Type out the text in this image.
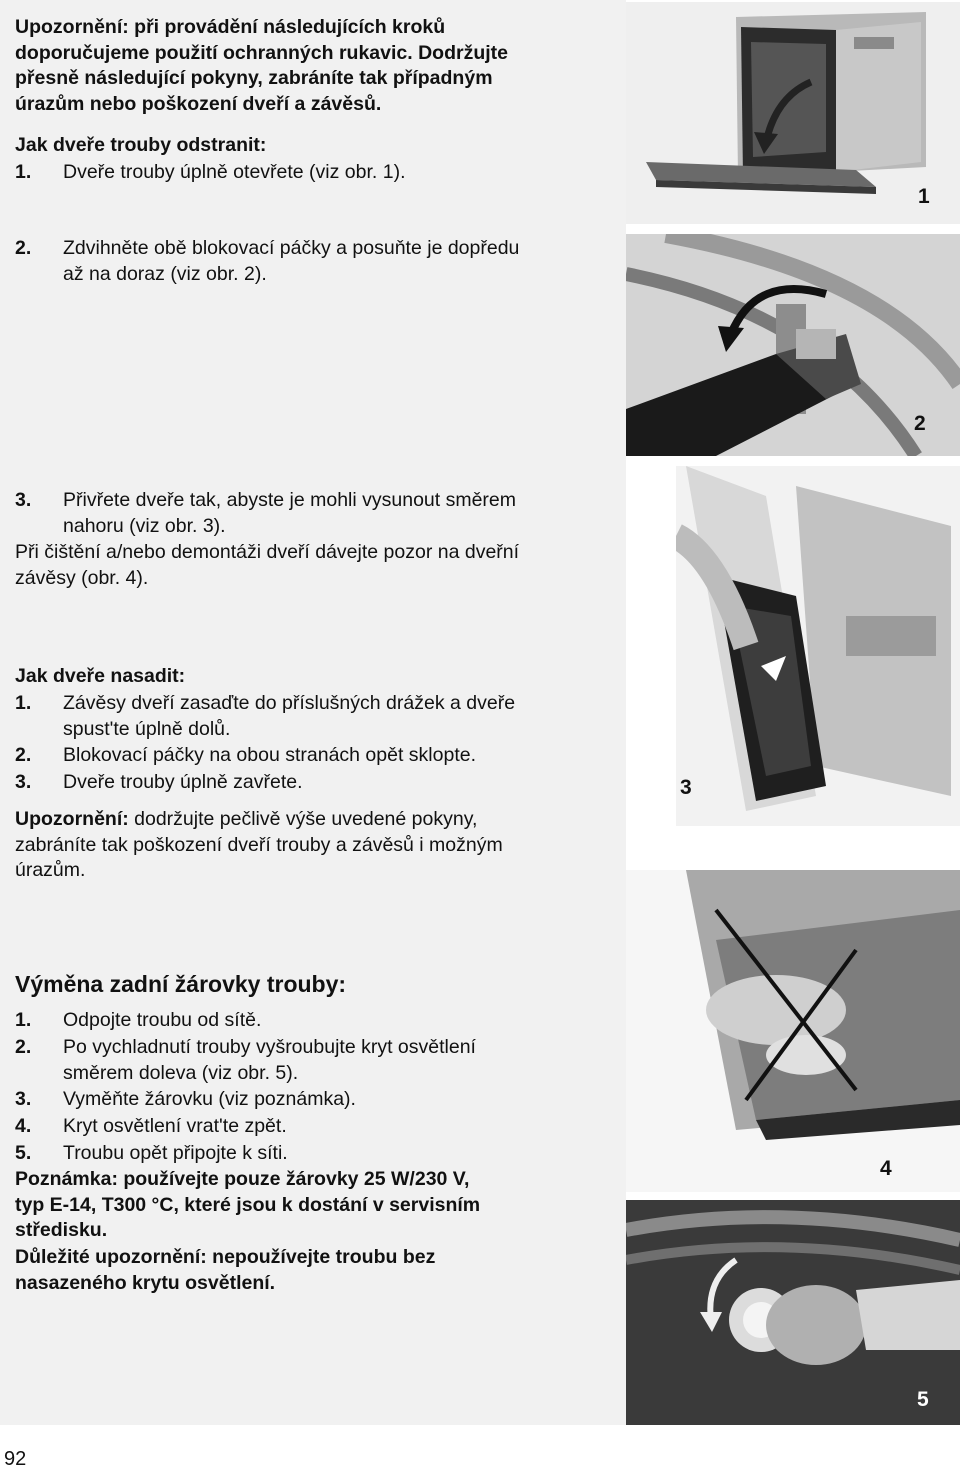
Upozornění: při provádění následujících kroků
doporučujeme použití ochranných rukavic. Dodržujte
přesně následující pokyny, zabráníte tak případným
úrazům nebo poškození dveří a závěsů.
Jak dveře trouby odstranit:
1. Dveře trouby úplně otevřete (viz obr. 1).
2. Zdvihněte obě blokovací páčky a posuňte je dopředu
až na doraz (viz obr. 2).
3. Přivřete dveře tak, abyste je mohli vysunout směrem
nahoru (viz obr. 3).
Při čištění a/nebo demontáži dveří dávejte pozor na dveřní
závěsy (obr. 4).
Jak dveře nasadit:
1. Závěsy dveří zasaďte do příslušných drážek a dveře
spust'te úplně dolů.
2. Blokovací páčky na obou stranách opět sklopte.
3. Dveře trouby úplně zavřete.
Upozornění: dodržujte pečlivě výše uvedené pokyny,
zabráníte tak poškození dveří trouby a závěsů i možným
úrazům.
Výměna zadní žárovky trouby:
1. Odpojte troubu od sítě.
2. Po vychladnutí trouby vyšroubujte kryt osvětlení
směrem doleva (viz obr. 5).
3. Vyměňte žárovku (viz poznámka).
4. Kryt osvětlení vrat'te zpět.
5. Troubu opět připojte k síti.
Poznámka: používejte pouze žárovky 25 W/230 V,
typ E-14, T300 °C, které jsou k dostání v servisním
středisku.
Důležité upozornění: nepoužívejte troubu bez
nasazeného krytu osvětlení.
1
2
3
4
5
92
